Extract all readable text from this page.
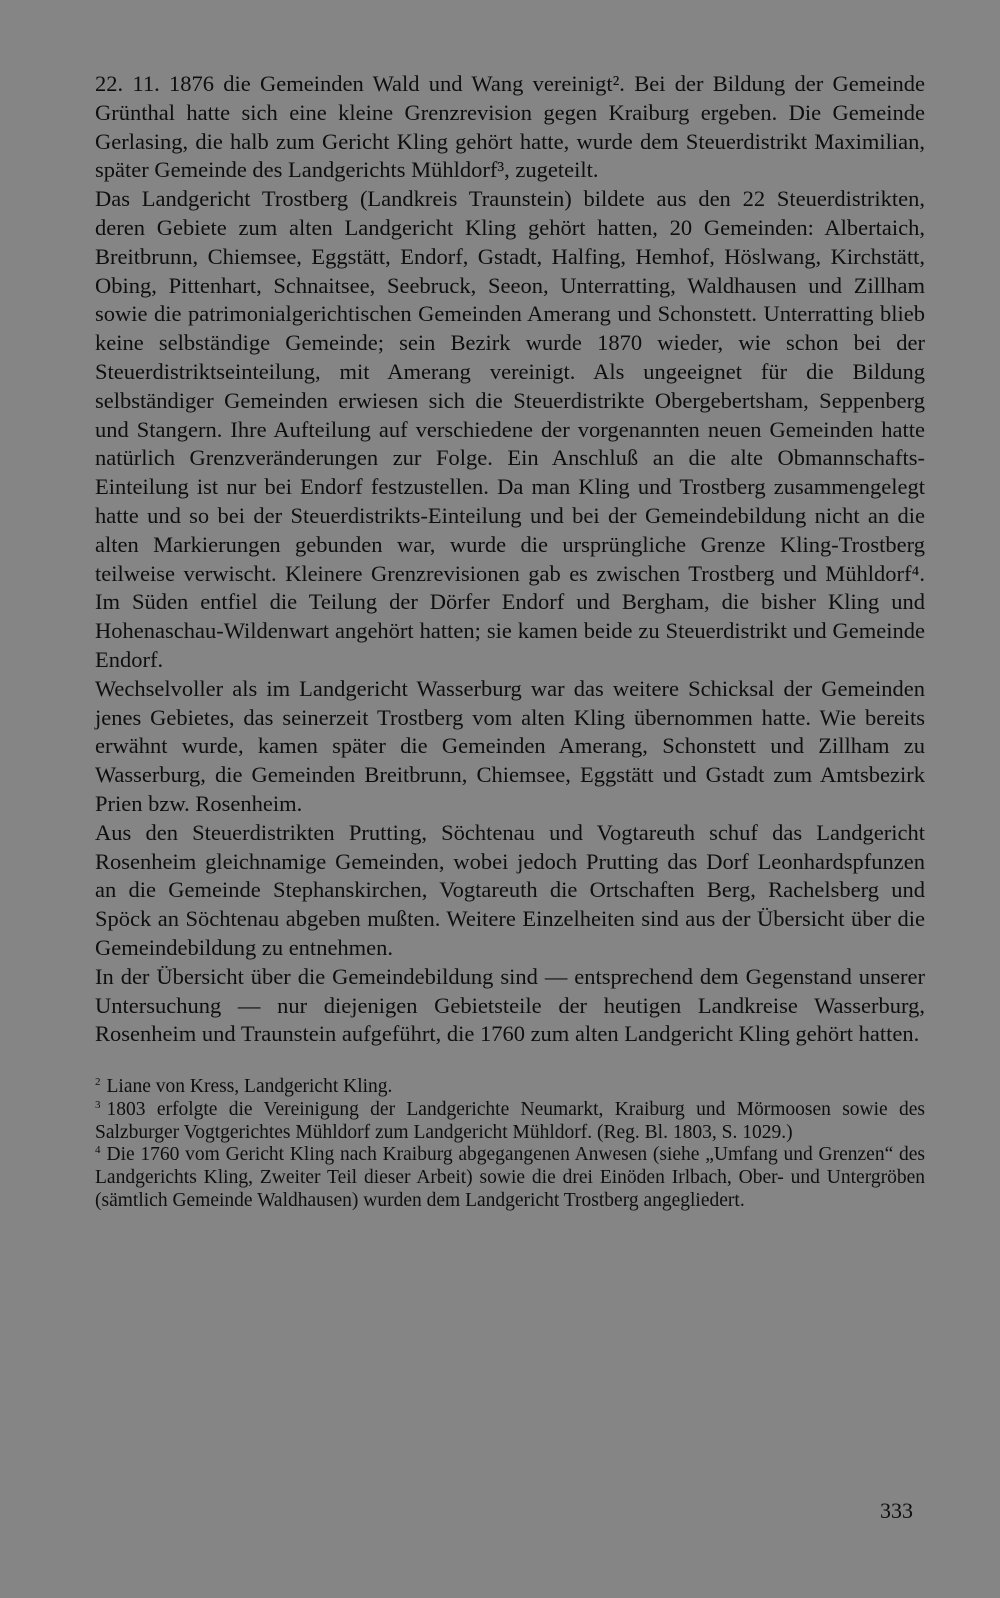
22. 11. 1876 die Gemeinden Wald und Wang vereinigt². Bei der Bildung der Gemeinde Grünthal hatte sich eine kleine Grenzrevision gegen Kraiburg ergeben. Die Gemeinde Gerlasing, die halb zum Gericht Kling gehört hatte, wurde dem Steuerdistrikt Maximilian, später Gemeinde des Landgerichts Mühldorf³, zugeteilt.

Das Landgericht Trostberg (Landkreis Traunstein) bildete aus den 22 Steuerdistrikten, deren Gebiete zum alten Landgericht Kling gehört hatten, 20 Gemeinden: Albertaich, Breitbrunn, Chiemsee, Eggstätt, Endorf, Gstadt, Halfing, Hemhof, Höslwang, Kirchstätt, Obing, Pittenhart, Schnaitsee, Seebruck, Seeon, Unterratting, Waldhausen und Zillham sowie die patrimonialgerichtischen Gemeinden Amerang und Schonstett. Unterratting blieb keine selbständige Gemeinde; sein Bezirk wurde 1870 wieder, wie schon bei der Steuerdistriktseinteilung, mit Amerang vereinigt. Als ungeeignet für die Bildung selbständiger Gemeinden erwiesen sich die Steuerdistrikte Obergebertsham, Seppenberg und Stangern. Ihre Aufteilung auf verschiedene der vorgenannten neuen Gemeinden hatte natürlich Grenzveränderungen zur Folge. Ein Anschluß an die alte Obmannschafts-Einteilung ist nur bei Endorf festzustellen. Da man Kling und Trostberg zusammengelegt hatte und so bei der Steuerdistrikts-Einteilung und bei der Gemeindebildung nicht an die alten Markierungen gebunden war, wurde die ursprüngliche Grenze Kling-Trostberg teilweise verwischt. Kleinere Grenzrevisionen gab es zwischen Trostberg und Mühldorf⁴. Im Süden entfiel die Teilung der Dörfer Endorf und Bergham, die bisher Kling und Hohenaschau-Wildenwart angehört hatten; sie kamen beide zu Steuerdistrikt und Gemeinde Endorf.

Wechselvoller als im Landgericht Wasserburg war das weitere Schicksal der Gemeinden jenes Gebietes, das seinerzeit Trostberg vom alten Kling übernommen hatte. Wie bereits erwähnt wurde, kamen später die Gemeinden Amerang, Schonstett und Zillham zu Wasserburg, die Gemeinden Breitbrunn, Chiemsee, Eggstätt und Gstadt zum Amtsbezirk Prien bzw. Rosenheim.

Aus den Steuerdistrikten Prutting, Söchtenau und Vogtareuth schuf das Landgericht Rosenheim gleichnamige Gemeinden, wobei jedoch Prutting das Dorf Leonhardspfunzen an die Gemeinde Stephanskirchen, Vogtareuth die Ortschaften Berg, Rachelsberg und Spöck an Söchtenau abgeben mußten. Weitere Einzelheiten sind aus der Übersicht über die Gemeindebildung zu entnehmen.

In der Übersicht über die Gemeindebildung sind — entsprechend dem Gegenstand unserer Untersuchung — nur diejenigen Gebietsteile der heutigen Landkreise Wasserburg, Rosenheim und Traunstein aufgeführt, die 1760 zum alten Landgericht Kling gehört hatten.

$^2$ Liane von Kress, Landgericht Kling.

$^3$ 1803 erfolgte die Vereinigung der Landgerichte Neumarkt, Kraiburg und Mörmoosen sowie des Salzburger Vogtgerichtes Mühldorf zum Landgericht Mühldorf. (Reg. Bl. 1803, S. 1029.)

$^4$ Die 1760 vom Gericht Kling nach Kraiburg abgegangenen Anwesen (siehe „Umfang und Grenzen“ des Landgerichts Kling, Zweiter Teil dieser Arbeit) sowie die drei Einöden Irlbach, Ober- und Untergröben (sämtlich Gemeinde Waldhausen) wurden dem Landgericht Trostberg angegliedert.

333
